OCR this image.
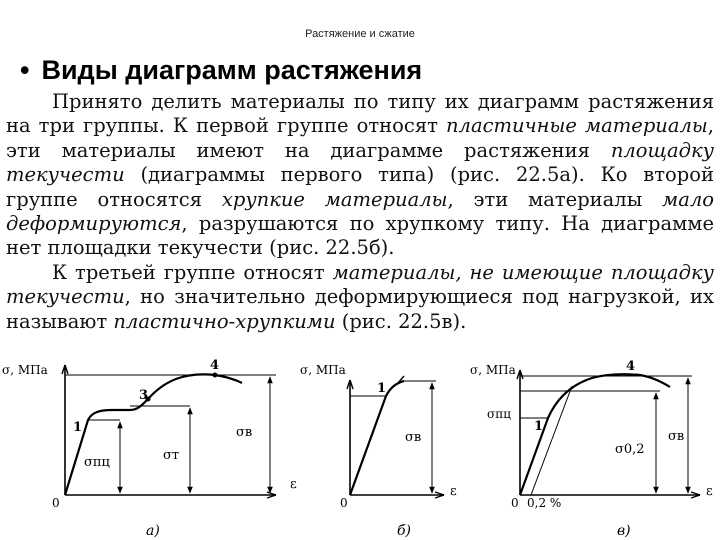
Растяжение и сжатие
• Виды диаграмм растяжения

Принято делить материалы по типу их диаграмм растяжения на три группы. К первой группе относят пластичные материалы, эти материалы имеют на диаграмме растяжения площадку текучести (диаграммы первого типа) (рис. 22.5а). Ко второй группе относятся хрупкие материалы, эти материалы мало деформируются, разрушаются по хрупкому типу. На диаграмме нет площадки текучести (рис. 22.5б).

К третьей группе относят материалы, не имеющие площадку текучести, но значительно деформирующиеся под нагрузкой, их называют пластично-хрупкими (рис. 22.5в).

σ, МПа
ε
0
1
3
4
σпц	σт
σв
а)
σ, МПа
ε
0
1
σв
б)
σ, МПа
ε
0
1
4
σпц
σ0,2
σв
0,2 %
в)
